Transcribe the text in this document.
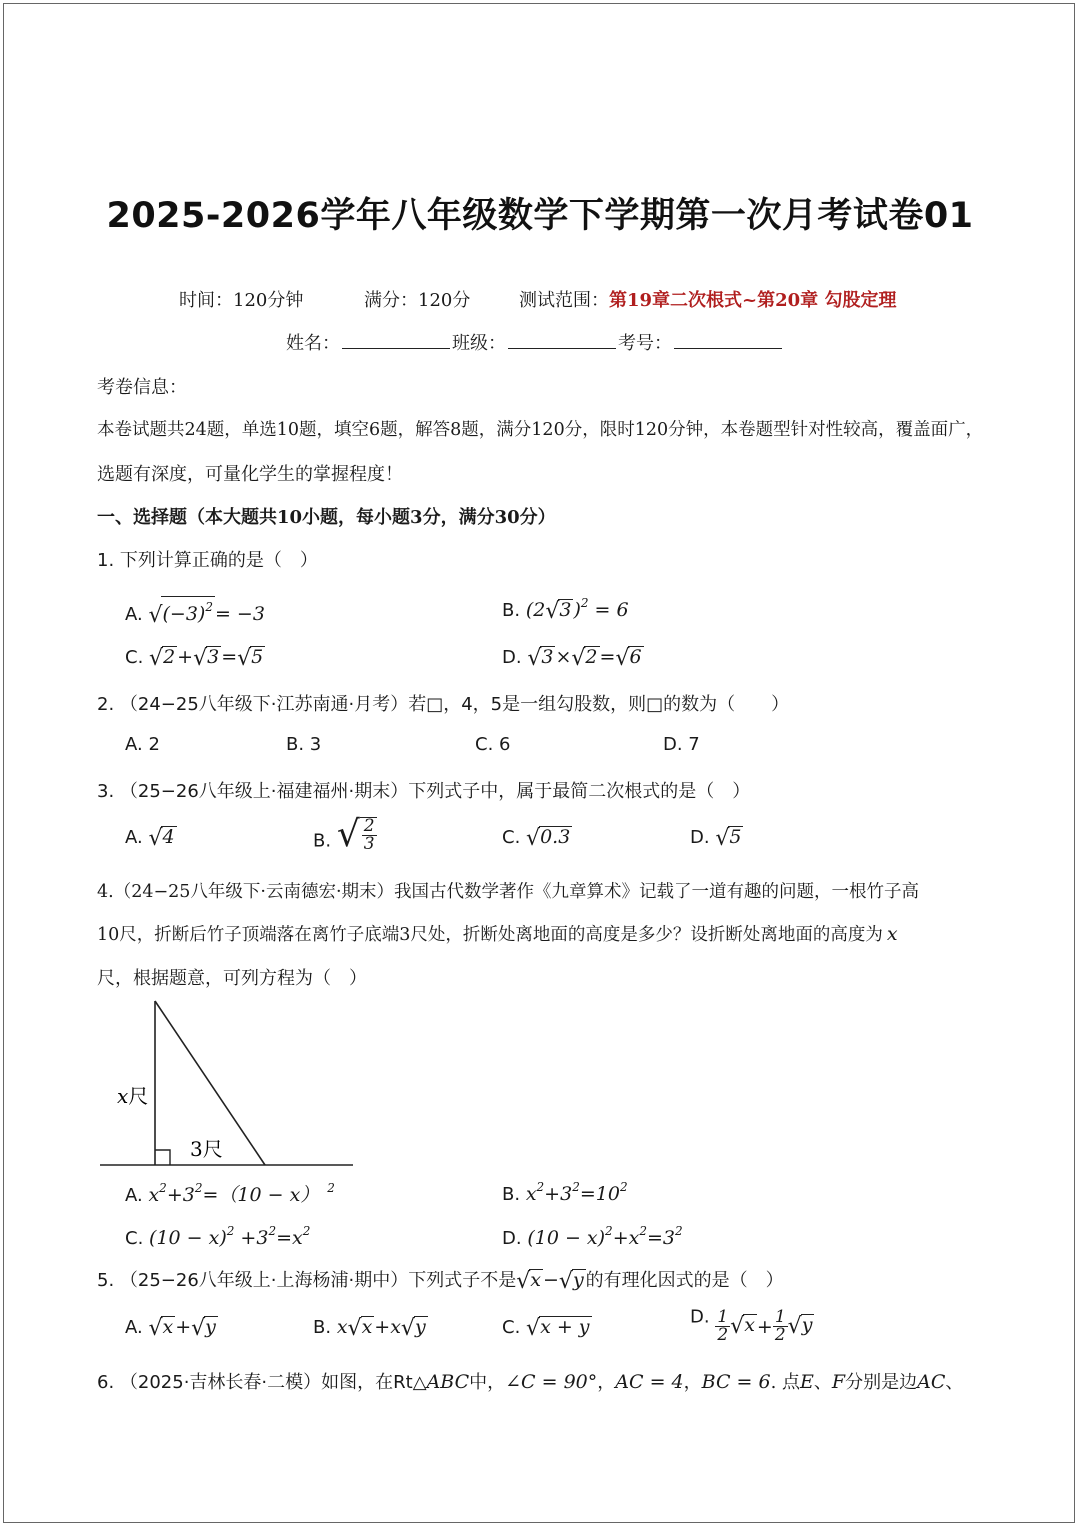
2025-2026学年八年级数学下学期第一次月考试卷01
时间：120分钟	满分：120分	测试范围：第19章二次根式~第20章 勾股定理
姓名：	班级：	考号：
考卷信息：
本卷试题共24题，单选10题，填空6题，解答8题，满分120分，限时120分钟，本卷题型针对性较高，覆盖面广，
选题有深度，可量化学生的掌握程度！
一、选择题（本大题共10小题，每小题3分，满分30分）
1. 下列计算正确的是（　）
A. $√(-3)^2 = -3$	B. (2√3 )$^2$ = 6
C. √2 +√3 =√5	D. √3 ×√2 =√6
2. （24−25八年级下·江苏南通·月考）若□，4，5是一组勾股数，则□的数为（　　）
A. 2	B. 3	C. 6	D. 7
3. （25−26八年级上·福建福州·期末）下列式子中，属于最简二次根式的是（　）
A. √4	B. √ $\frac{2}{3}$	C. √0.3	D. √5
4.（24−25八年级下·云南德宏·期末）我国古代数学著作《九章算术》记载了一道有趣的问题，一根竹子高
10尺，折断后竹子顶端落在离竹子底端3尺处，折断处离地面的高度是多少？设折断处离地面的高度为 x
尺，根据题意，可列方程为（　）
x尺
3尺
A. $x^2+3^2=(10 - x)$ $^2$	B. $x^2+3^2=10^2$
C. $(10 - x)^2 +3^2=x^2$	D. $(10 - x)^2+x^2=3^2$
5. （25−26八年级上·上海杨浦·期中）下列式子不是√x −√y 的有理化因式的是（　）
A. √x +√y	B. x√x +x√y	C. √x + y	D. $\frac{1}{2} √x + \frac{1}{2} √y$
6. （2025·吉林长春·二模）如图，在Rt△ABC中，∠C = 90°，AC = 4，BC = 6. 点E、F分别是边AC、
